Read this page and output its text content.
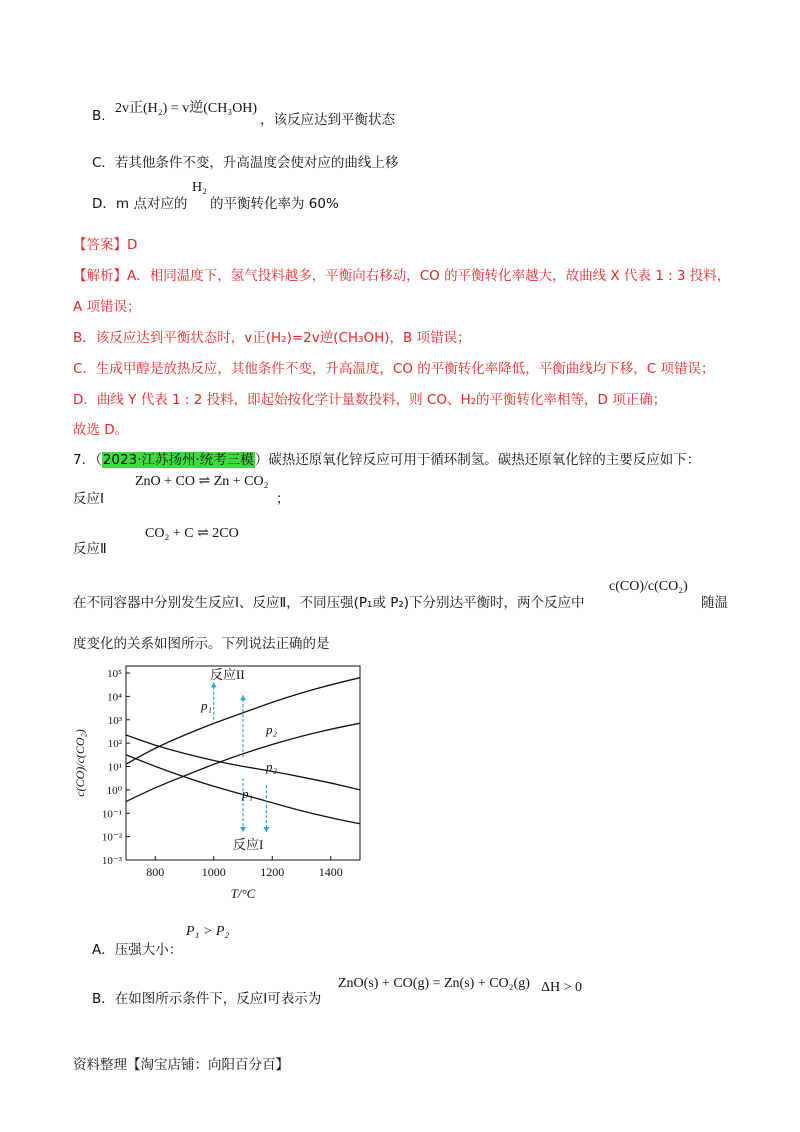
B. 2v正(H₂) = v逆(CH₃OH)
，该反应达到平衡状态
C．若其他条件不变，升高温度会使对应的曲线上移
D．m 点对应的
H₂
的平衡转化率为 60%
【答案】D
【解析】A．相同温度下，氢气投料越多，平衡向右移动，CO 的平衡转化率越大，故曲线 X 代表 1 : 3 投料，
A 项错误；
B．该反应达到平衡状态时，v正(H₂)=2v逆(CH₃OH)，B 项错误；
C．生成甲醇是放热反应，其他条件不变，升高温度，CO 的平衡转化率降低，平衡曲线均下移，C 项错误；
D．曲线 Y 代表 1 : 2 投料，即起始按化学计量数投料，则 CO、H₂的平衡转化率相等，D 项正确；
故选 D。
7．（2023·江苏扬州·统考三模）碳热还原氧化锌反应可用于循环制氢。碳热还原氧化锌的主要反应如下：
反应Ⅰ
ZnO + CO ⇌ Zn + CO₂
；
反应Ⅱ
CO₂ + C ⇌ 2CO
在不同容器中分别发生反应Ⅰ、反应Ⅱ，不同压强(P₁或 P₂)下分别达平衡时，两个反应中
c(CO)/c(CO₂)
随温
度变化的关系如图所示。下列说法正确的是
10⁻³
10⁻²
10⁻¹
10⁰
10¹
10²
10³
10⁴
10⁵
800	1000	1200	1400
T/°C
c(CO)/c(CO₂)
反应II
反应I
p₁
p₂
p₂
p₁
A．压强大小：
P₁ > P₂
B．在如图所示条件下，反应Ⅰ可表示为
ZnO(s) + CO(g) = Zn(s) + CO₂(g) ΔH > 0
资料整理【淘宝店铺：向阳百分百】
